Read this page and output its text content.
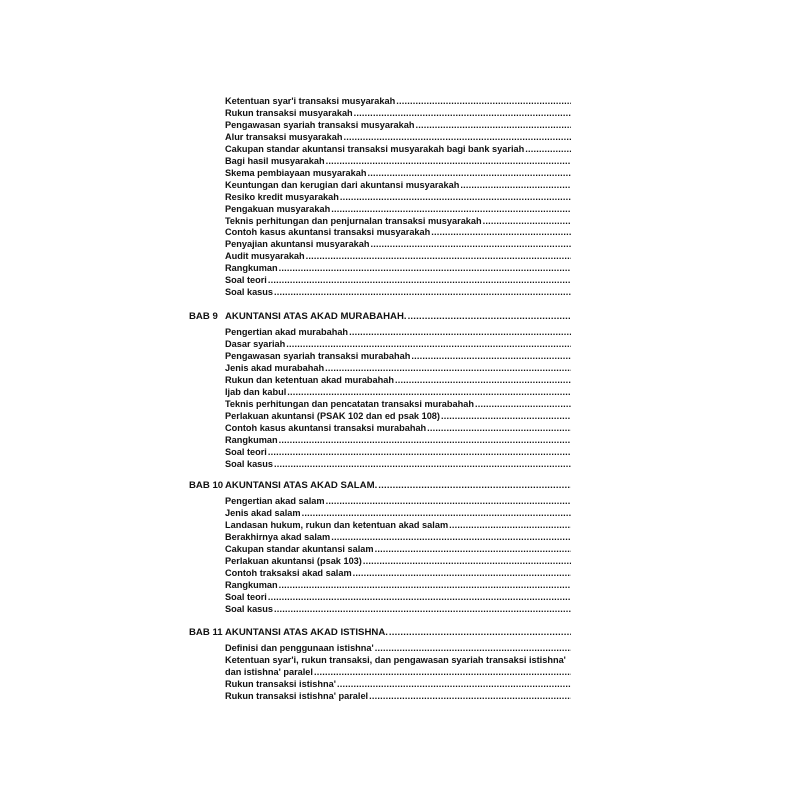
Ketentuan syar'i transaksi musyarakah
.....
Rukun transaksi musyarakah
.....
Pengawasan syariah transaksi musyarakah
.....
Alur transaksi musyarakah
.....
Cakupan standar akuntansi transaksi musyarakah bagi bank syariah
.....
Bagi hasil musyarakah
.....
Skema pembiayaan musyarakah
.....
Keuntungan dan kerugian dari akuntansi musyarakah
.....
Resiko kredit musyarakah
.....
Pengakuan musyarakah
.....
Teknis perhitungan dan penjurnalan transaksi musyarakah
.....
Contoh kasus akuntansi transaksi musyarakah
.....
Penyajian akuntansi musyarakah
.....
Audit musyarakah
.....
Rangkuman
.....
Soal teori
.....
Soal kasus
.....
BAB 9 AKUNTANSI ATAS AKAD MURABAHAH.
.....
Pengertian akad murabahah
.....
Dasar syariah
.....
Pengawasan syariah transaksi murabahah
.....
Jenis akad murabahah
.....
Rukun dan ketentuan akad murabahah
.....
Ijab dan kabul
.....
Teknis perhitungan dan pencatatan transaksi murabahah
.....
Perlakuan akuntansi (PSAK 102 dan ed psak 108)
.....
Contoh kasus akuntansi transaksi murabahah
.....
Rangkuman
.....
Soal teori
.....
Soal kasus
.....
BAB 10 AKUNTANSI ATAS AKAD SALAM.
.....
Pengertian akad salam
.....
Jenis akad salam
.....
Landasan hukum, rukun dan ketentuan akad salam
.....
Berakhirnya akad salam
.....
Cakupan standar akuntansi salam
.....
Perlakuan akuntansi (psak 103)
.....
Contoh traksaksi akad salam
.....
Rangkuman
.....
Soal teori
.....
Soal kasus
.....
BAB 11 AKUNTANSI ATAS AKAD ISTISHNA.
.....
Definisi dan penggunaan istishna'
.....
Ketentuan syar'i, rukun transaksi, dan pengawasan syariah transaksi istishna'
dan istishna' paralel
.....
Rukun transaksi istishna'
.....
Rukun transaksi istishna' paralel
.....
